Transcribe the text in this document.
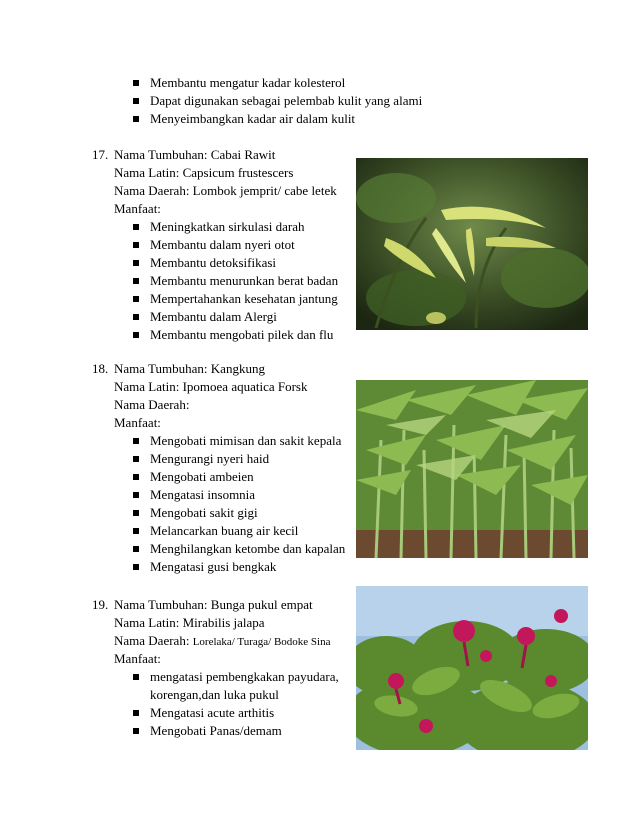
Membantu mengatur kadar kolesterol
Dapat digunakan sebagai pelembab kulit yang alami
Menyeimbangkan kadar air dalam kulit
17. Nama Tumbuhan: Cabai Rawit
Nama Latin: Capsicum frustescers
Nama Daerah: Lombok jemprit/ cabe letek
Manfaat:
Meningkatkan sirkulasi darah
Membantu dalam nyeri otot
Membantu detoksifikasi
Membantu menurunkan berat badan
Mempertahankan kesehatan jantung
Membantu dalam Alergi
Membantu mengobati pilek dan flu
18. Nama Tumbuhan: Kangkung
Nama Latin: Ipomoea aquatica Forsk
Nama Daerah:
Manfaat:
Mengobati mimisan dan sakit kepala
Mengurangi nyeri haid
Mengobati ambeien
Mengatasi insomnia
Mengobati sakit gigi
Melancarkan buang air kecil
Menghilangkan ketombe dan kapalan
Mengatasi gusi bengkak
19. Nama Tumbuhan: Bunga pukul empat
Nama Latin: Mirabilis jalapa
Nama Daerah: Lorelaka/ Turaga/ Bodoke Sina
Manfaat:
mengatasi pembengkakan payudara,
korengan,dan luka pukul
Mengatasi acute arthitis
Mengobati Panas/demam
